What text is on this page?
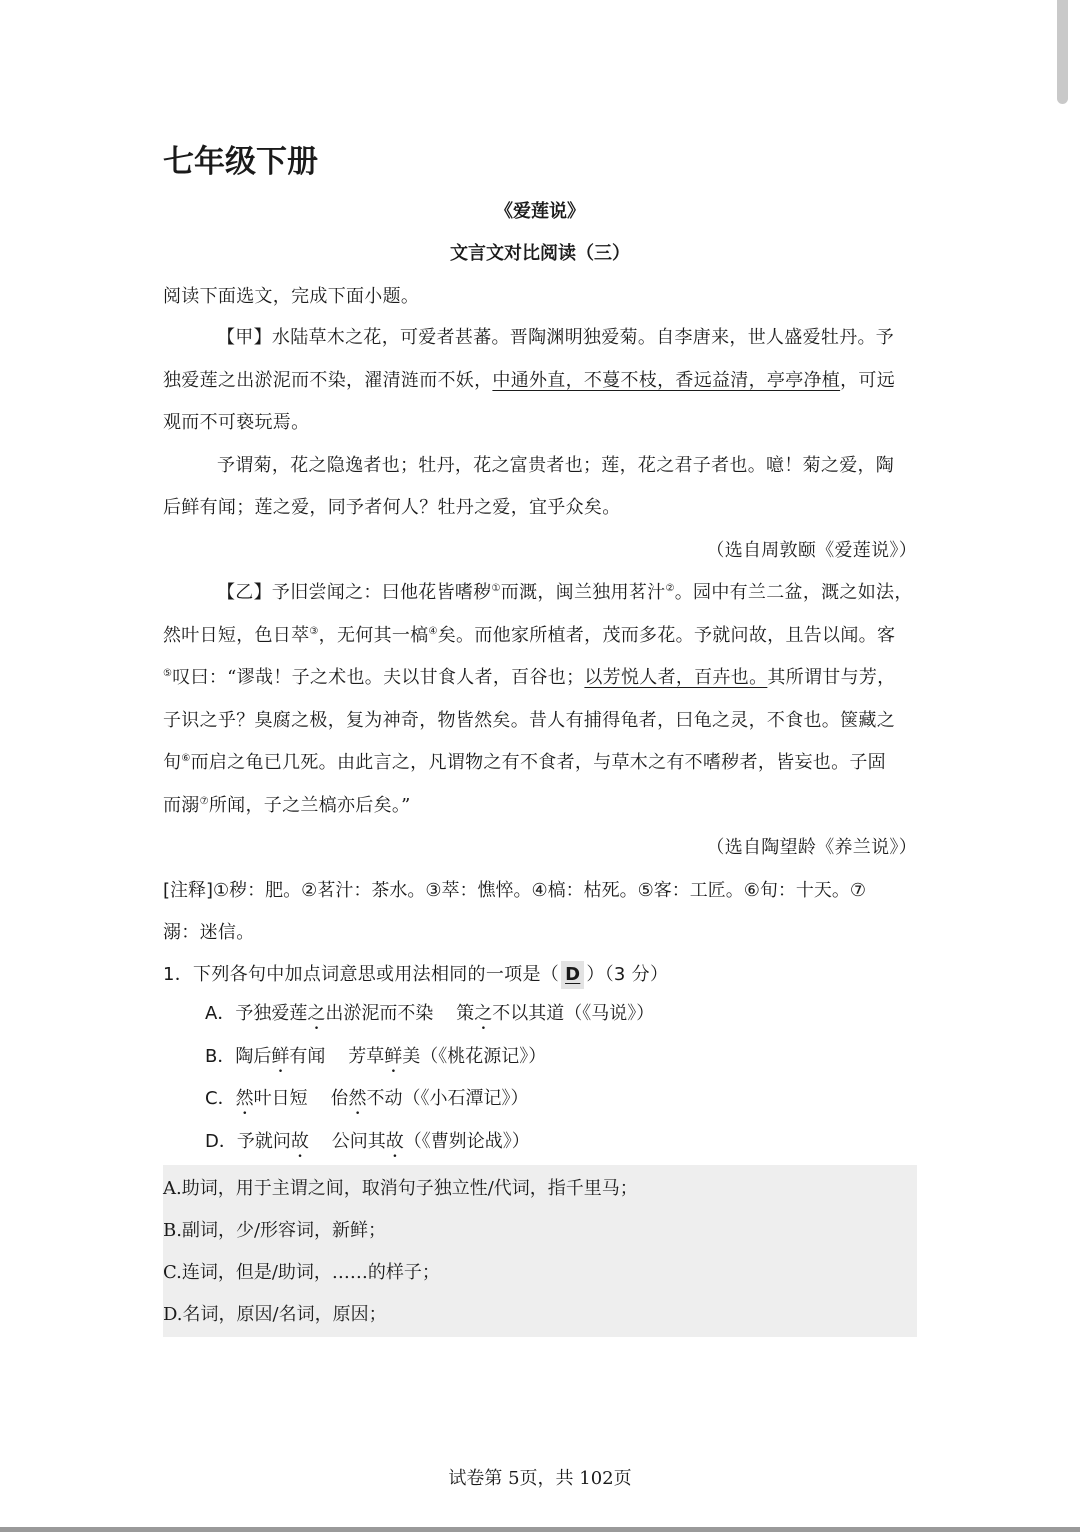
七年级下册
《爱莲说》
文言文对比阅读（三）
阅读下面选文，完成下面小题。
【甲】水陆草木之花，可爱者甚蕃。晋陶渊明独爱菊。自李唐来，世人盛爱牡丹。予
独爱莲之出淤泥而不染，濯清涟而不妖，中通外直，不蔓不枝，香远益清，亭亭净植，可远
观而不可亵玩焉。
予谓菊，花之隐逸者也；牡丹，花之富贵者也；莲，花之君子者也。噫！菊之爱，陶
后鲜有闻；莲之爱，同予者何人？牡丹之爱，宜乎众矣。
（选自周敦颐《爱莲说》）
【乙】予旧尝闻之：曰他花皆嗜秽①而溉，闽兰独用茗汁②。园中有兰二盆，溉之如法，
然叶日短，色日萃③，无何其一槁④矣。而他家所植者，茂而多花。予就问故，且告以闻。客
⑤叹曰：“谬哉！子之术也。夫以甘食人者，百谷也；以芳悦人者，百卉也。其所谓甘与芳，
子识之乎？臭腐之极，复为神奇，物皆然矣。昔人有捕得龟者，曰龟之灵，不食也。箧藏之
旬⑥而启之龟已几死。由此言之，凡谓物之有不食者，与草木之有不嗜秽者，皆妄也。子固
而溺⑦所闻，子之兰槁亦后矣。”
（选自陶望龄《养兰说》）
[注释]①秽：肥。②茗汁：茶水。③萃：憔悴。④槁：枯死。⑤客：工匠。⑥旬：十天。⑦
溺：迷信。
1．下列各句中加点词意思或用法相同的一项是（ D ）（3 分）
A．予独爱莲之出淤泥而不染 策之不以其道（《马说》）
B．陶后鲜有闻 芳草鲜美（《桃花源记》）
C．然叶日短 佁然不动（《小石潭记》）
D．予就问故 公问其故（《曹刿论战》）
A.助词，用于主谓之间，取消句子独立性/代词，指千里马；
B.副词，少/形容词，新鲜；
C.连词，但是/助词，……的样子；
D.名词，原因/名词，原因；
试卷第 5页，共 102页
